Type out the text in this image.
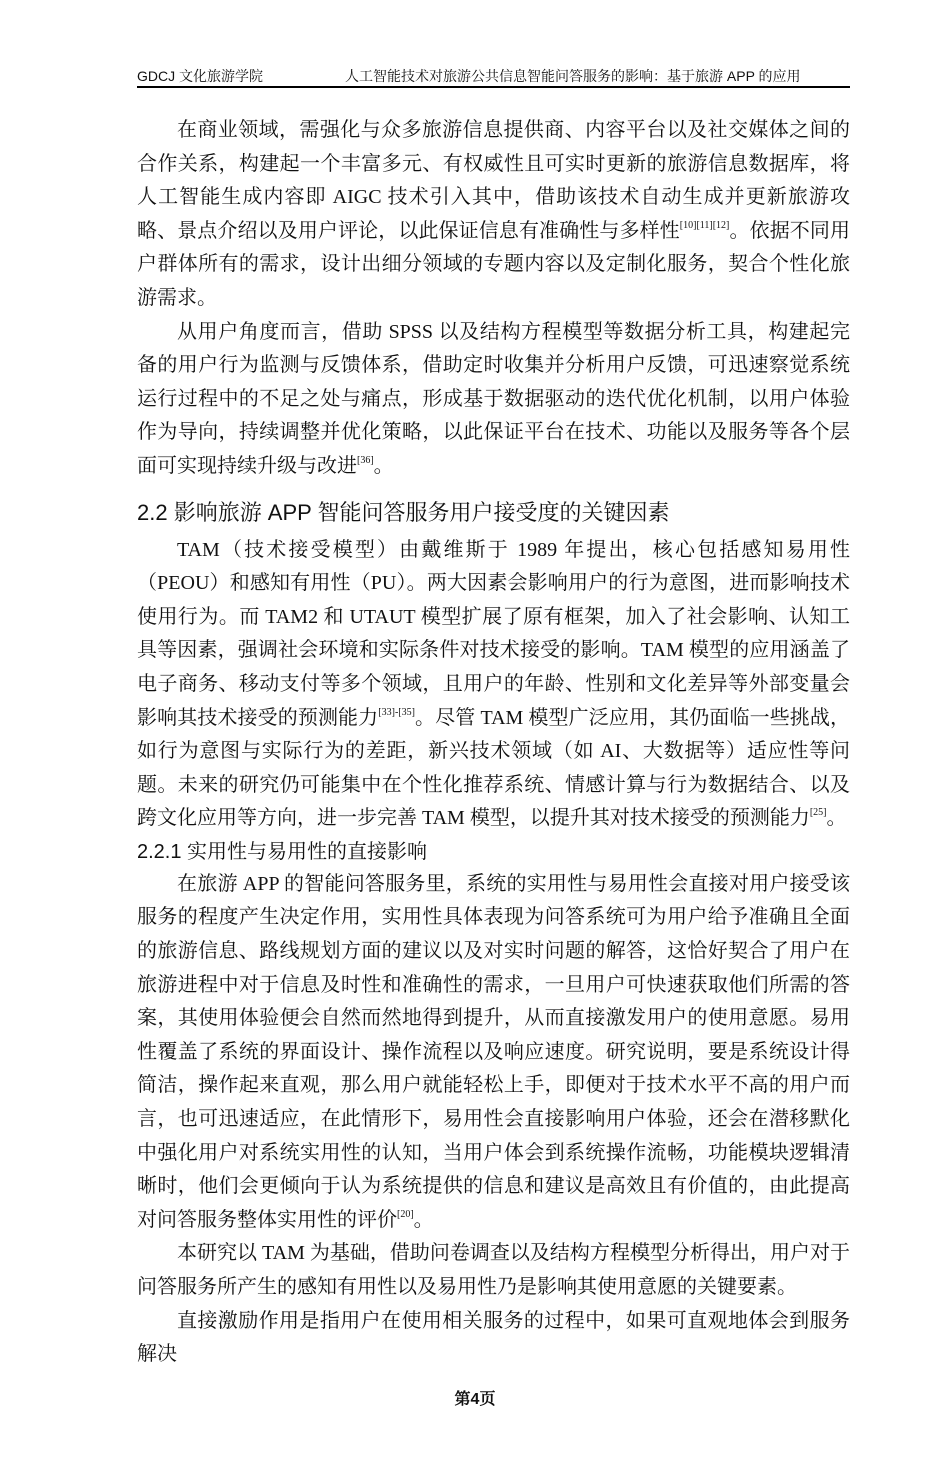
GDCJ 文化旅游学院	人工智能技术对旅游公共信息智能问答服务的影响：基于旅游 APP 的应用
在商业领域，需强化与众多旅游信息提供商、内容平台以及社交媒体之间的合作关系，构建起一个丰富多元、有权威性且可实时更新的旅游信息数据库，将人工智能生成内容即 AIGC 技术引入其中，借助该技术自动生成并更新旅游攻略、景点介绍以及用户评论，以此保证信息有准确性与多样性[10][11][12]。依据不同用户群体所有的需求，设计出细分领域的专题内容以及定制化服务，契合个性化旅游需求。
从用户角度而言，借助 SPSS 以及结构方程模型等数据分析工具，构建起完备的用户行为监测与反馈体系，借助定时收集并分析用户反馈，可迅速察觉系统运行过程中的不足之处与痛点，形成基于数据驱动的迭代优化机制，以用户体验作为导向，持续调整并优化策略，以此保证平台在技术、功能以及服务等各个层面可实现持续升级与改进[36]。
2.2 影响旅游 APP 智能问答服务用户接受度的关键因素
TAM（技术接受模型）由戴维斯于 1989 年提出，核心包括感知易用性（PEOU）和感知有用性（PU）。两大因素会影响用户的行为意图，进而影响技术使用行为。而 TAM2 和 UTAUT 模型扩展了原有框架，加入了社会影响、认知工具等因素，强调社会环境和实际条件对技术接受的影响。TAM 模型的应用涵盖了电子商务、移动支付等多个领域，且用户的年龄、性别和文化差异等外部变量会影响其技术接受的预测能力[33]-[35]。尽管 TAM 模型广泛应用，其仍面临一些挑战，如行为意图与实际行为的差距，新兴技术领域（如 AI、大数据等）适应性等问题。未来的研究仍可能集中在个性化推荐系统、情感计算与行为数据结合、以及跨文化应用等方向，进一步完善 TAM 模型，以提升其对技术接受的预测能力[25]。
2.2.1 实用性与易用性的直接影响
在旅游 APP 的智能问答服务里，系统的实用性与易用性会直接对用户接受该服务的程度产生决定作用，实用性具体表现为问答系统可为用户给予准确且全面的旅游信息、路线规划方面的建议以及对实时问题的解答，这恰好契合了用户在旅游进程中对于信息及时性和准确性的需求，一旦用户可快速获取他们所需的答案，其使用体验便会自然而然地得到提升，从而直接激发用户的使用意愿。易用性覆盖了系统的界面设计、操作流程以及响应速度。研究说明，要是系统设计得简洁，操作起来直观，那么用户就能轻松上手，即便对于技术水平不高的用户而言，也可迅速适应，在此情形下，易用性会直接影响用户体验，还会在潜移默化中强化用户对系统实用性的认知，当用户体会到系统操作流畅，功能模块逻辑清晰时，他们会更倾向于认为系统提供的信息和建议是高效且有价值的，由此提高对问答服务整体实用性的评价[20]。
本研究以 TAM 为基础，借助问卷调查以及结构方程模型分析得出，用户对于问答服务所产生的感知有用性以及易用性乃是影响其使用意愿的关键要素。
直接激励作用是指用户在使用相关服务的过程中，如果可直观地体会到服务解决
第4页
